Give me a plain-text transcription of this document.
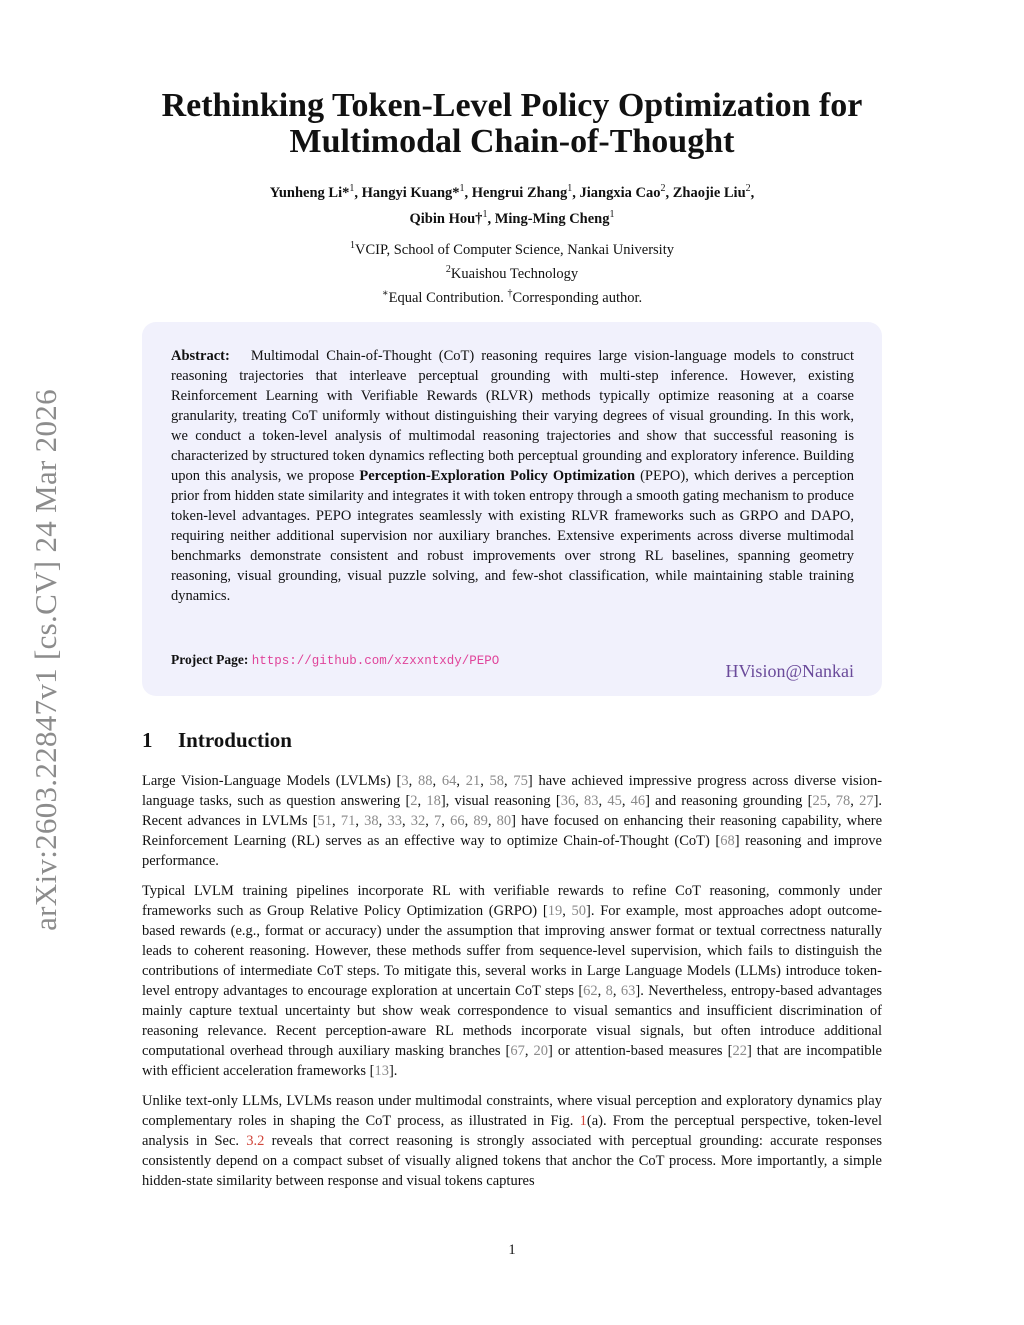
arXiv:2603.22847v1 [cs.CV] 24 Mar 2026
Rethinking Token-Level Policy Optimization for
Multimodal Chain-of-Thought
Yunheng Li*$^1$, Hangyi Kuang*$^1$, Hengrui Zhang$^1$, Jiangxia Cao$^2$, Zhaojie Liu$^2$,
Qibin Hou†$^1$, Ming-Ming Cheng$^1$
$^1$VCIP, School of Computer Science, Nankai University
$^2$Kuaishou Technology
∗Equal Contribution. †Corresponding author.
Abstract: Multimodal Chain-of-Thought (CoT) reasoning requires large vision-language models to construct reasoning trajectories that interleave perceptual grounding with multi-step inference. However, existing Reinforcement Learning with Verifiable Rewards (RLVR) methods typically optimize reasoning at a coarse granularity, treating CoT uniformly without distinguishing their varying degrees of visual grounding. In this work, we conduct a token-level analysis of multimodal reasoning trajectories and show that successful reasoning is characterized by structured token dynamics reflecting both perceptual grounding and exploratory inference. Building upon this analysis, we propose Perception-Exploration Policy Optimization (PEPO), which derives a perception prior from hidden state similarity and integrates it with token entropy through a smooth gating mechanism to produce token-level advantages. PEPO integrates seamlessly with existing RLVR frameworks such as GRPO and DAPO, requiring neither additional supervision nor auxiliary branches. Extensive experiments across diverse multimodal benchmarks demonstrate consistent and robust improvements over strong RL baselines, spanning geometry reasoning, visual grounding, visual puzzle solving, and few-shot classification, while maintaining stable training dynamics.
Project Page: https://github.com/xzxxntxdy/PEPO	HVision@Nankai
1 Introduction

Large Vision-Language Models (LVLMs) [3, 88, 64, 21, 58, 75] have achieved impressive progress across diverse vision-language tasks, such as question answering [2, 18], visual reasoning [36, 83, 45, 46] and reasoning grounding [25, 78, 27]. Recent advances in LVLMs [51, 71, 38, 33, 32, 7, 66, 89, 80] have focused on enhancing their reasoning capability, where Reinforcement Learning (RL) serves as an effective way to optimize Chain-of-Thought (CoT) [68] reasoning and improve performance.

Typical LVLM training pipelines incorporate RL with verifiable rewards to refine CoT reasoning, commonly under frameworks such as Group Relative Policy Optimization (GRPO) [19, 50]. For example, most approaches adopt outcome-based rewards (e.g., format or accuracy) under the assumption that improving answer format or textual correctness naturally leads to coherent reasoning. However, these methods suffer from sequence-level supervision, which fails to distinguish the contributions of intermediate CoT steps. To mitigate this, several works in Large Language Models (LLMs) introduce token-level entropy advantages to encourage exploration at uncertain CoT steps [62, 8, 63]. Nevertheless, entropy-based advantages mainly capture textual uncertainty but show weak correspondence to visual semantics and insufficient discrimination of reasoning relevance. Recent perception-aware RL methods incorporate visual signals, but often introduce additional computational overhead through auxiliary masking branches [67, 20] or attention-based measures [22] that are incompatible with efficient acceleration frameworks [13].

Unlike text-only LLMs, LVLMs reason under multimodal constraints, where visual perception and exploratory dynamics play complementary roles in shaping the CoT process, as illustrated in Fig. 1(a). From the perceptual perspective, token-level analysis in Sec. 3.2 reveals that correct reasoning is strongly associated with perceptual grounding: accurate responses consistently depend on a compact subset of visually aligned tokens that anchor the CoT process. More importantly, a simple hidden-state similarity between response and visual tokens captures

1
